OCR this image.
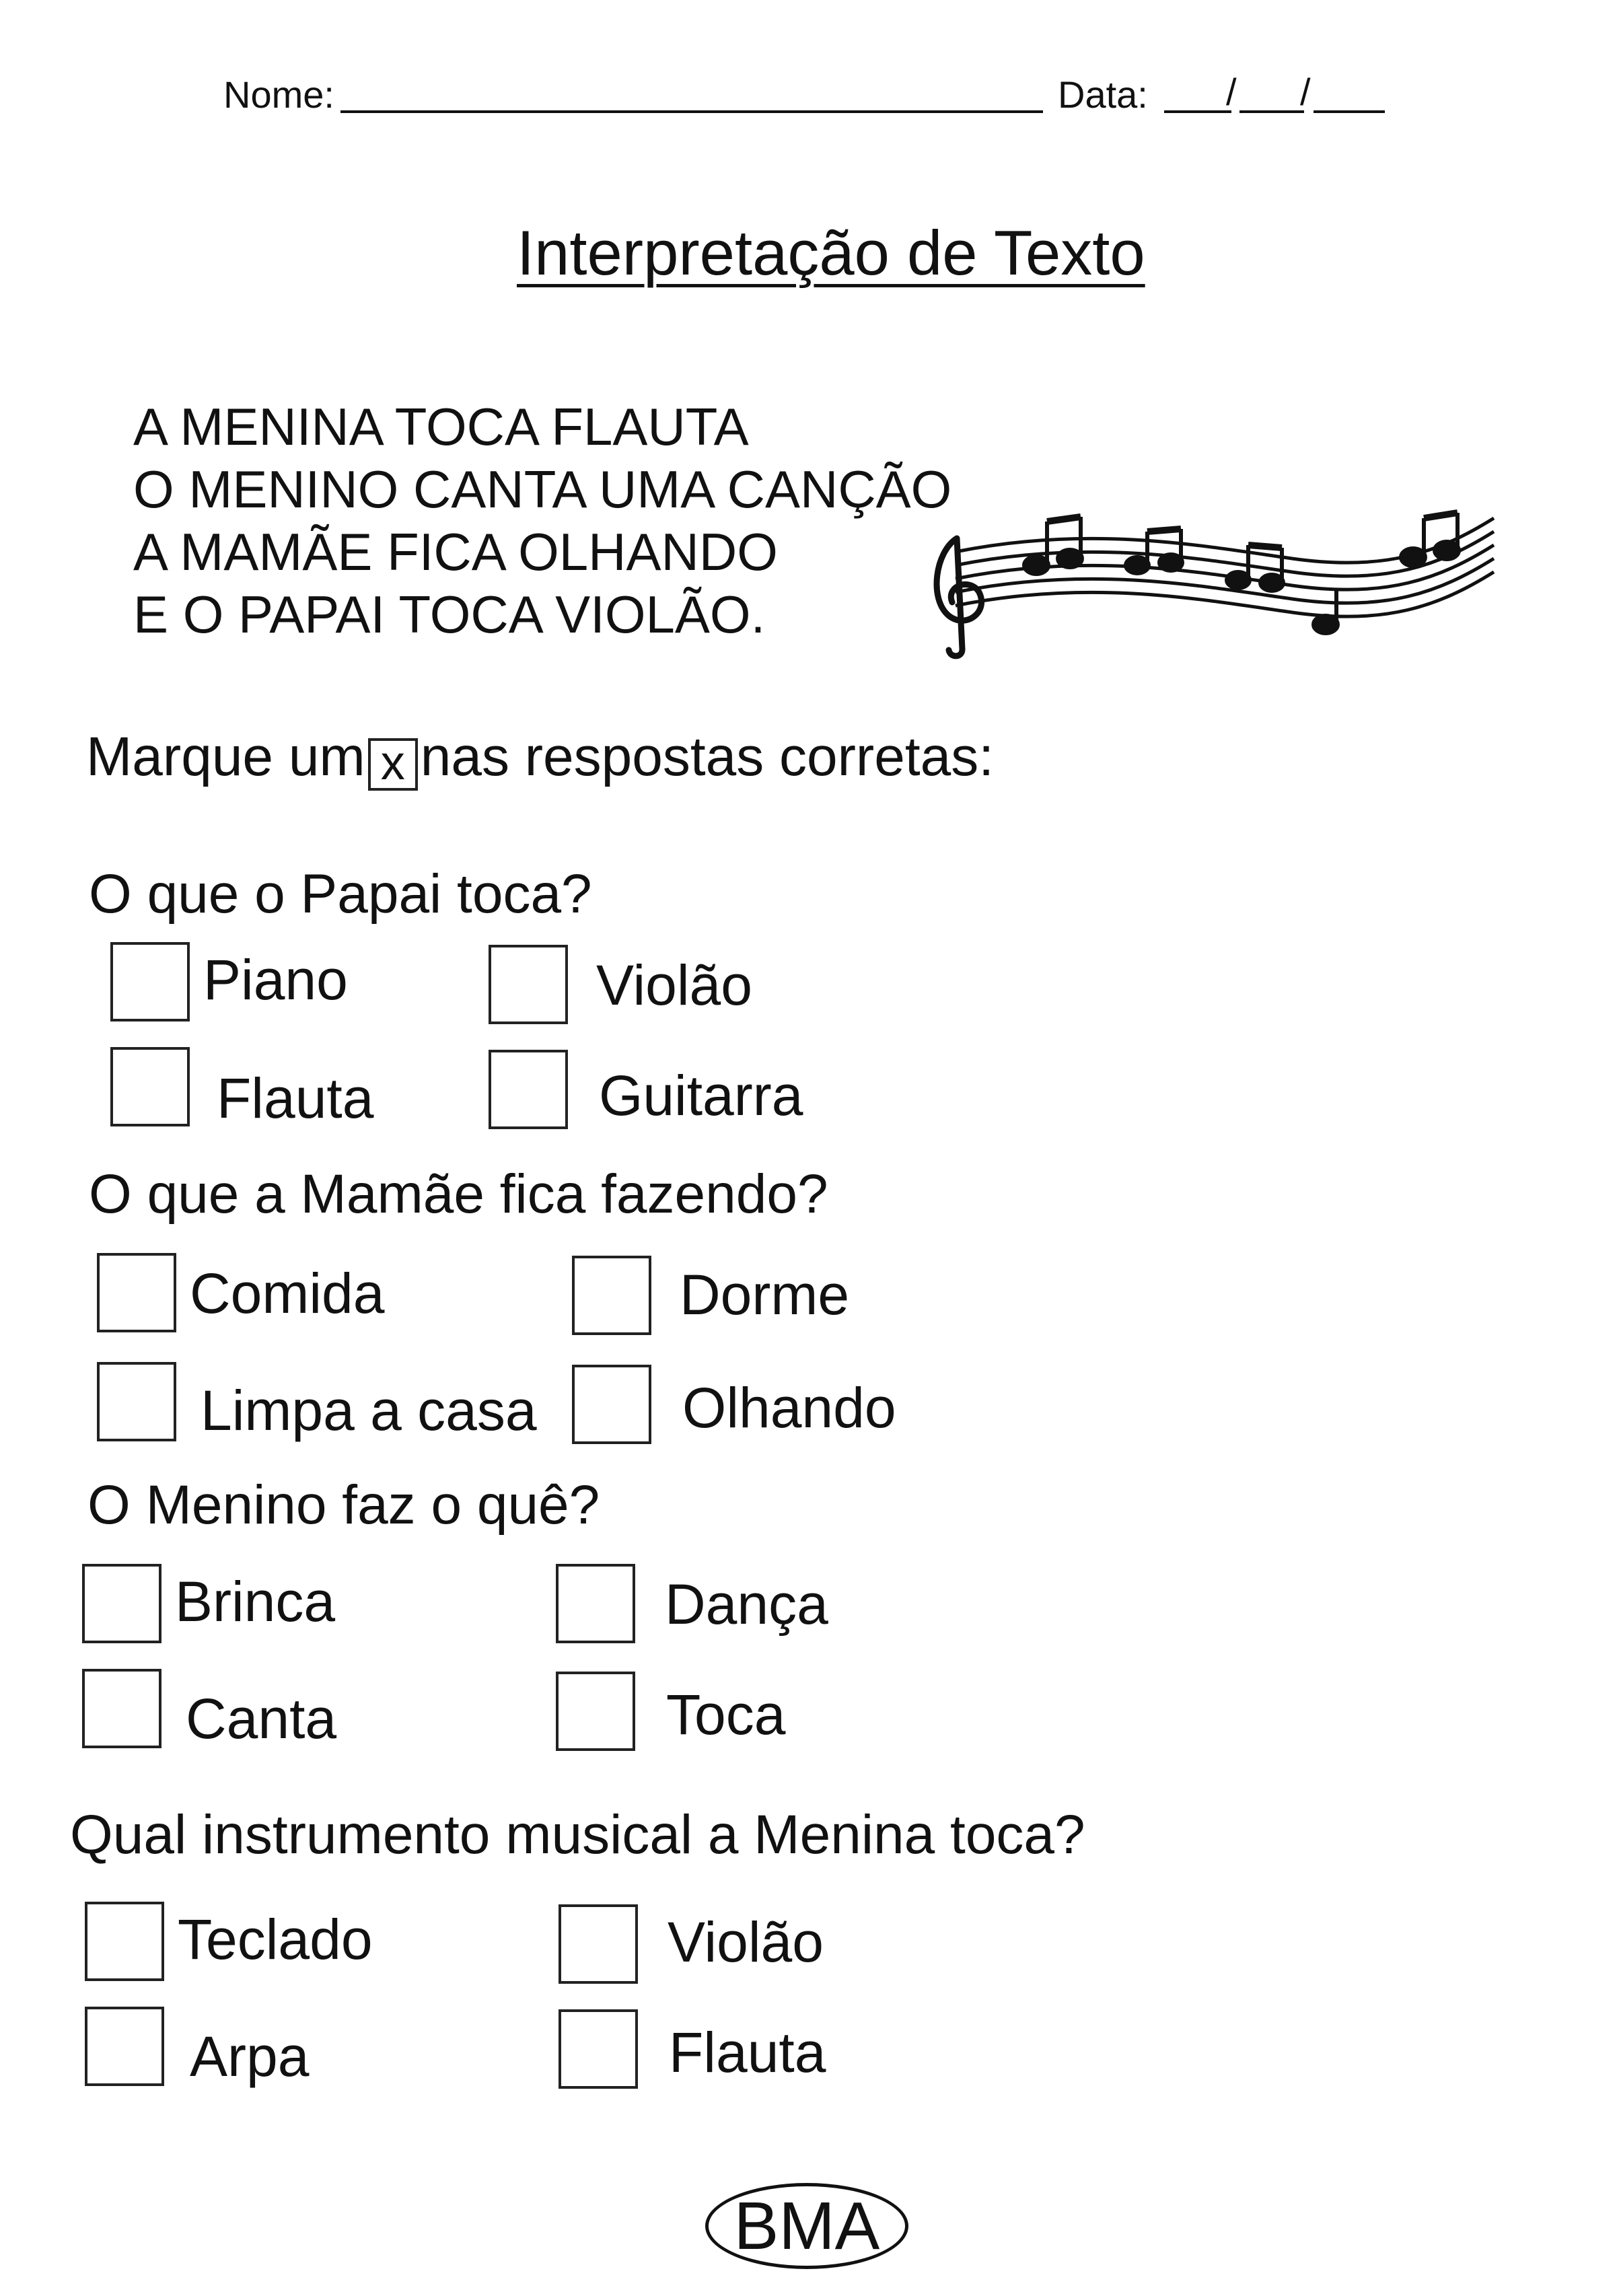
Nome:	Data: / /
Interpretação de Texto
A MENINA TOCA FLAUTA
O MENINO CANTA UMA CANÇÃO
A MAMÃE FICA OLHANDO
E O PAPAI TOCA VIOLÃO.
Marque um x nas respostas corretas:
O que o Papai toca?
Piano	Violão
Flauta	Guitarra
O que a Mamãe fica fazendo?
Comida	Dorme
Limpa a casa	Olhando
O Menino faz o quê?
Brinca	Dança
Canta	Toca
Qual instrumento musical a Menina toca?
Teclado	Violão
Arpa	Flauta
BMA
